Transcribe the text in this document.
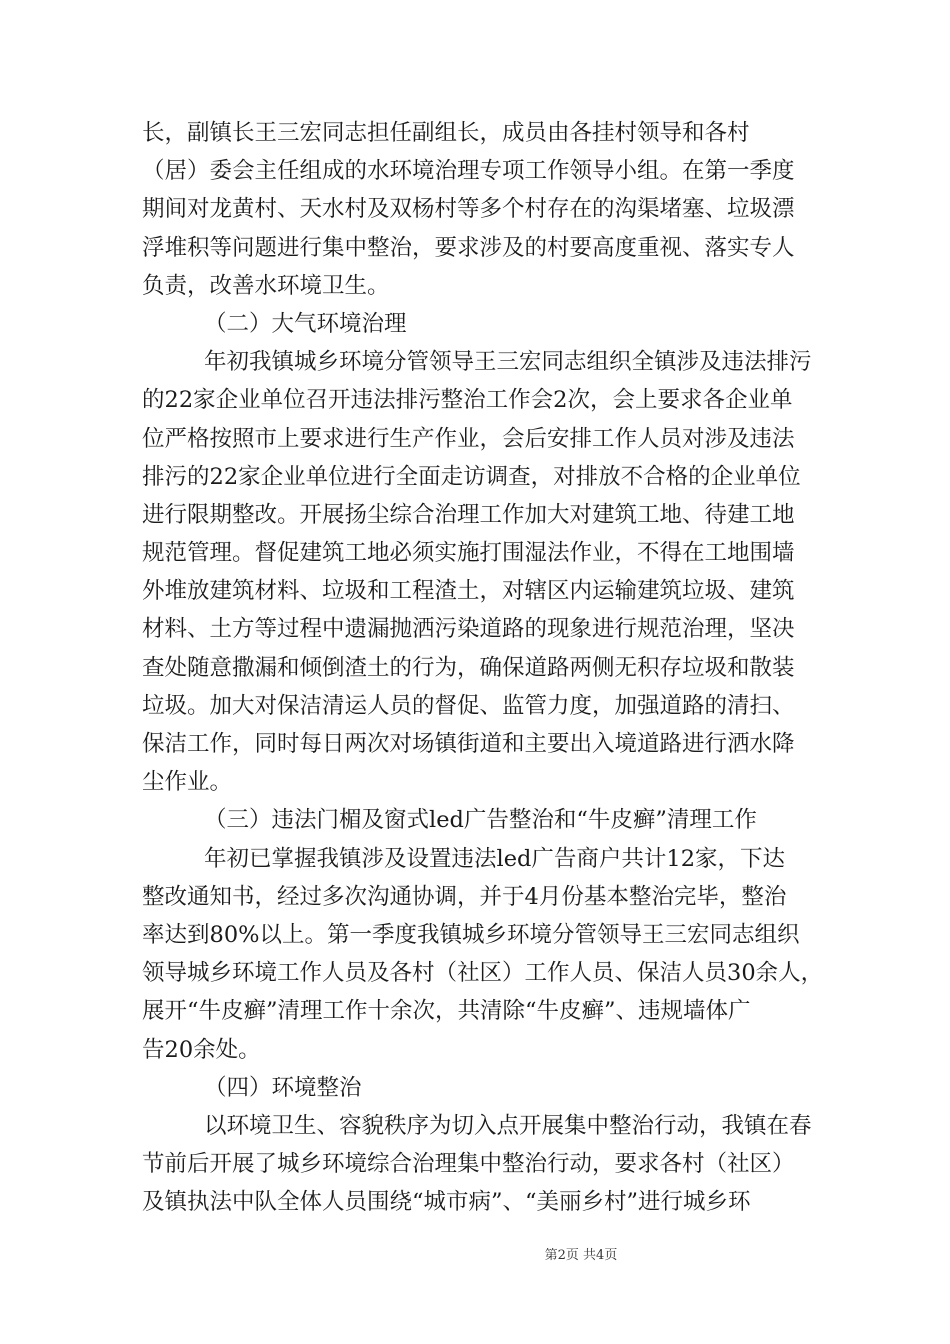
长，副镇长王三宏同志担任副组长，成员由各挂村领导和各村
（居）委会主任组成的水环境治理专项工作领导小组。在第一季度
期间对龙黄村、天水村及双杨村等多个村存在的沟渠堵塞、垃圾漂
浮堆积等问题进行集中整治，要求涉及的村要高度重视、落实专人
负责，改善水环境卫生。
（二）大气环境治理
年初我镇城乡环境分管领导王三宏同志组织全镇涉及违法排污
的22家企业单位召开违法排污整治工作会2次，会上要求各企业单
位严格按照市上要求进行生产作业，会后安排工作人员对涉及违法
排污的22家企业单位进行全面走访调查，对排放不合格的企业单位
进行限期整改。开展扬尘综合治理工作加大对建筑工地、待建工地
规范管理。督促建筑工地必须实施打围湿法作业，不得在工地围墙
外堆放建筑材料、垃圾和工程渣土，对辖区内运输建筑垃圾、建筑
材料、土方等过程中遗漏抛洒污染道路的现象进行规范治理，坚决
查处随意撒漏和倾倒渣土的行为，确保道路两侧无积存垃圾和散装
垃圾。加大对保洁清运人员的督促、监管力度，加强道路的清扫、
保洁工作，同时每日两次对场镇街道和主要出入境道路进行洒水降
尘作业。
（三）违法门楣及窗式led广告整治和“牛皮癣”清理工作
年初已掌握我镇涉及设置违法led广告商户共计12家，下达
整改通知书，经过多次沟通协调，并于4月份基本整治完毕，整治
率达到80%以上。第一季度我镇城乡环境分管领导王三宏同志组织
领导城乡环境工作人员及各村（社区）工作人员、保洁人员30余人，
展开“牛皮癣”清理工作十余次，共清除“牛皮癣”、违规墙体广
告20余处。
（四）环境整治
以环境卫生、容貌秩序为切入点开展集中整治行动，我镇在春
节前后开展了城乡环境综合治理集中整治行动，要求各村（社区）
及镇执法中队全体人员围绕“城市病”、“美丽乡村”进行城乡环
第2页 共4页
